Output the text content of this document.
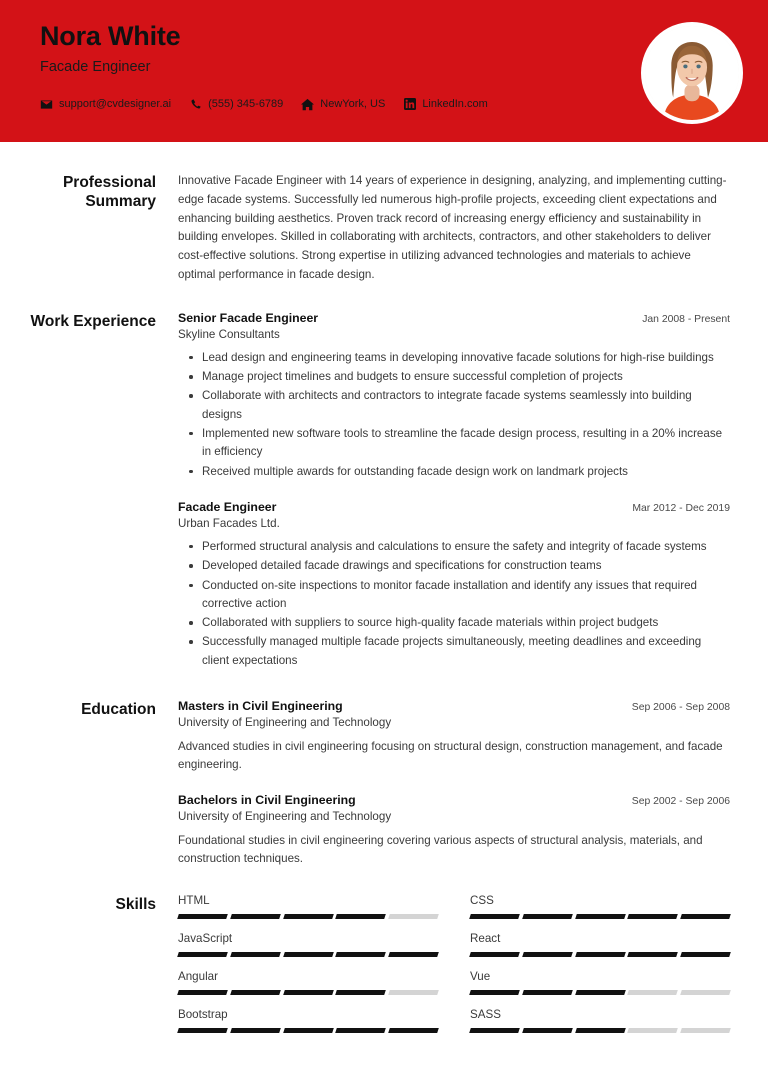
Nora White
Facade Engineer
support@cvdesigner.ai	(555) 345-6789	NewYork, US	LinkedIn.com
Professional Summary
Innovative Facade Engineer with 14 years of experience in designing, analyzing, and implementing cutting-edge facade systems. Successfully led numerous high-profile projects, exceeding client expectations and enhancing building aesthetics. Proven track record of increasing energy efficiency and sustainability in building envelopes. Skilled in collaborating with architects, contractors, and other stakeholders to deliver cost-effective solutions. Strong expertise in utilizing advanced technologies and materials to achieve optimal performance in facade design.
Work Experience	Senior Facade Engineer	Jan 2008 - Present
Skyline Consultants
Lead design and engineering teams in developing innovative facade solutions for high-rise buildings
Manage project timelines and budgets to ensure successful completion of projects
Collaborate with architects and contractors to integrate facade systems seamlessly into building designs
Implemented new software tools to streamline the facade design process, resulting in a 20% increase in efficiency
Received multiple awards for outstanding facade design work on landmark projects
Facade Engineer	Mar 2012 - Dec 2019
Urban Facades Ltd.
Performed structural analysis and calculations to ensure the safety and integrity of facade systems
Developed detailed facade drawings and specifications for construction teams
Conducted on-site inspections to monitor facade installation and identify any issues that required corrective action
Collaborated with suppliers to source high-quality facade materials within project budgets
Successfully managed multiple facade projects simultaneously, meeting deadlines and exceeding client expectations
Education	Masters in Civil Engineering	Sep 2006 - Sep 2008
University of Engineering and Technology
Advanced studies in civil engineering focusing on structural design, construction management, and facade engineering.
Bachelors in Civil Engineering	Sep 2002 - Sep 2006
University of Engineering and Technology
Foundational studies in civil engineering covering various aspects of structural analysis, materials, and construction techniques.
Skills	HTML	CSS
JavaScript	React
Angular	Vue
Bootstrap	SASS
